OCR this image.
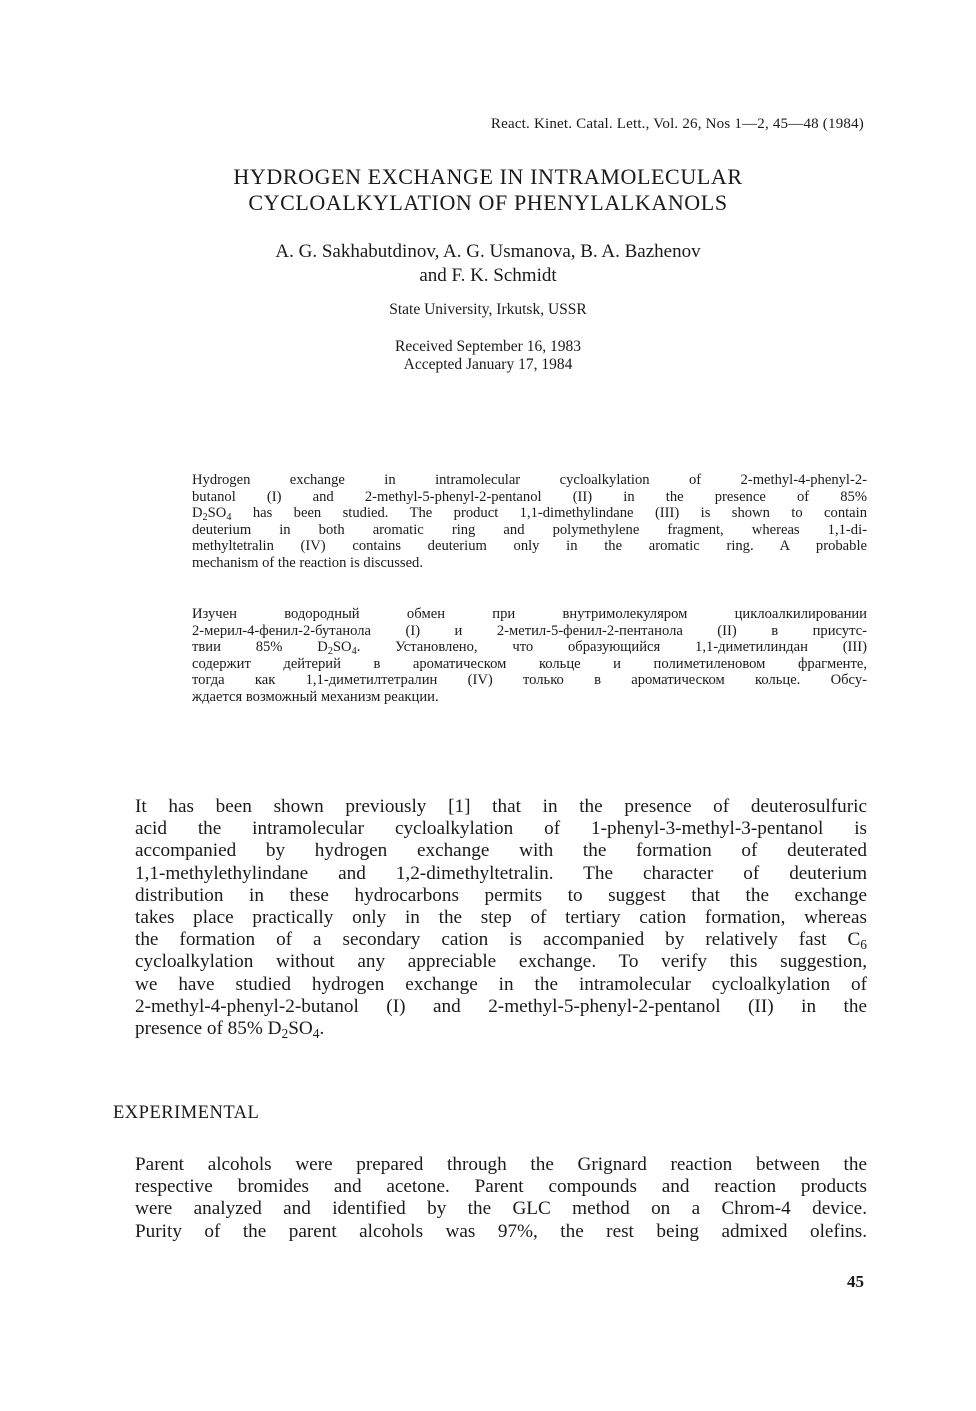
React. Kinet. Catal. Lett., Vol. 26, Nos 1—2, 45—48 (1984)
HYDROGEN EXCHANGE IN INTRAMOLECULAR
CYCLOALKYLATION OF PHENYLALKANOLS
A. G. Sakhabutdinov, A. G. Usmanova, B. A. Bazhenov
and F. K. Schmidt
State University, Irkutsk, USSR
Received September 16, 1983
Accepted January 17, 1984
Hydrogen exchange in intramolecular cycloalkylation of 2-methyl-4-phenyl-2-
butanol (I) and 2-methyl-5-phenyl-2-pentanol (II) in the presence of 85%
$D_2SO_4$ has been studied. The product 1,1-dimethylindane (III) is shown to contain
deuterium in both aromatic ring and polymethylene fragment, whereas 1,1-di-
methyltetralin (IV) contains deuterium only in the aromatic ring. A probable
mechanism of the reaction is discussed.
Изучен водородный обмен при внутримолекуляром циклоалкилировании
2-мерил-4-фенил-2-бутанола (I) и 2-метил-5-фенил-2-пентанола (II) в присутс-
твии 85% $D_2SO_4$. Установлено, что образующийся 1,1-диметилиндан (III)
содержит дейтерий в ароматическом кольце и полиметиленовом фрагменте,
тогда как 1,1-диметилтетралин (IV) только в ароматическом кольце. Обсу-
ждается возможный механизм реакции.
It has been shown previously [1] that in the presence of deuterosulfuric
acid the intramolecular cycloalkylation of 1-phenyl-3-methyl-3-pentanol is
accompanied by hydrogen exchange with the formation of deuterated
1,1-methylethylindane and 1,2-dimethyltetralin. The character of deuterium
distribution in these hydrocarbons permits to suggest that the exchange
takes place practically only in the step of tertiary cation formation, whereas
the formation of a secondary cation is accompanied by relatively fast $C_6$
cycloalkylation without any appreciable exchange. To verify this suggestion,
we have studied hydrogen exchange in the intramolecular cycloalkylation of
2-methyl-4-phenyl-2-butanol (I) and 2-methyl-5-phenyl-2-pentanol (II) in the
presence of 85% $D_2SO_4$.
EXPERIMENTAL
Parent alcohols were prepared through the Grignard reaction between the
respective bromides and acetone. Parent compounds and reaction products
were analyzed and identified by the GLC method on a Chrom-4 device.
Purity of the parent alcohols was 97%, the rest being admixed olefins.
45
